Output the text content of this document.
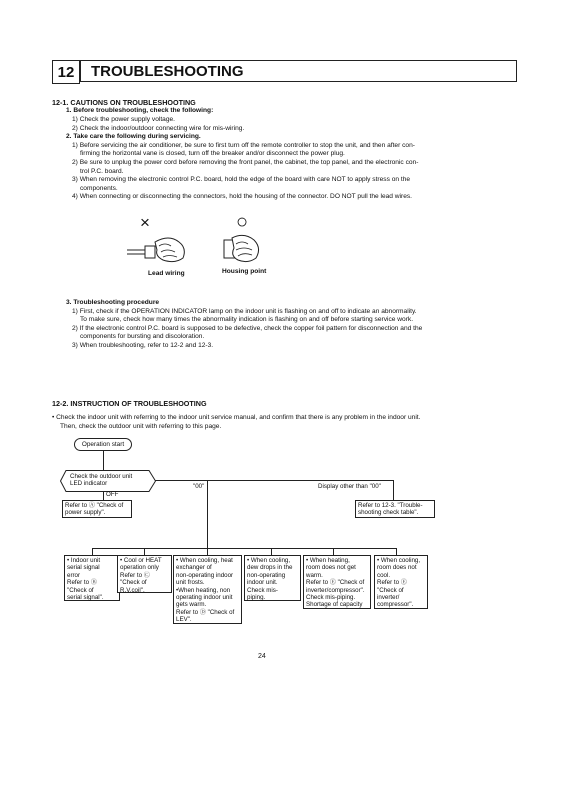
12	TROUBLESHOOTING
12-1. CAUTIONS ON TROUBLESHOOTING
1. Before troubleshooting, check the following:
1) Check the power supply voltage.
2) Check the indoor/outdoor connecting wire for mis-wiring.
2. Take care the following during servicing.
1) Before servicing the air conditioner, be sure to first turn off the remote controller to stop the unit, and then after con-
firming the horizontal vane is closed, turn off the breaker and/or disconnect the power plug.
2) Be sure to unplug the power cord before removing the front panel, the cabinet, the top panel, and the electronic con-
trol P.C. board.
3) When removing the electronic control P.C. board, hold the edge of the board with care NOT to apply stress on the
components.
4) When connecting or disconnecting the connectors, hold the housing of the connector. DO NOT pull the lead wires.
×	○
Lead wiring	Housing point
3. Troubleshooting procedure
1) First, check if the OPERATION INDICATOR lamp on the indoor unit is flashing on and off to indicate an abnormality.
To make sure, check how many times the abnormality indication is flashing on and off before starting service work.
2) If the electronic control P.C. board is supposed to be defective, check the copper foil pattern for disconnection and the
components for bursting and discoloration.
3) When troubleshooting, refer to 12-2 and 12-3.
12-2. INSTRUCTION OF TROUBLESHOOTING
• Check the indoor unit with referring to the indoor unit service manual, and confirm that there is any problem in the indoor unit.
Then, check the outdoor unit with referring to this page.
Operation start
Check the outdoor unit
LED indicator
OFF
"00"	Display other than "00"
Refer to Ⓐ "Check of
power supply".
Refer to 12-3. "Trouble-
shooting check table".
• Indoor unit
serial signal
error
Refer to Ⓑ
"Check of
serial signal".
• Cool or HEAT
operation only
Refer to Ⓒ
"Check of
R.V.coil".
• When cooling, heat
exchanger of
non-operating indoor
unit frosts.
•When heating, non
operating indoor unit
gets warm.
Refer to Ⓓ "Check of
LEV".
• When cooling,
dew drops in the
non-operating
indoor unit.
Check mis-
piping.
• When heating,
room does not get
warm.
Refer to Ⓔ "Check of
inverter/compressor".
Check mis-piping.
Shortage of capacity
• When cooling,
room does not
cool.
Refer to Ⓔ
"Check of
inverter/
compressor".
24
